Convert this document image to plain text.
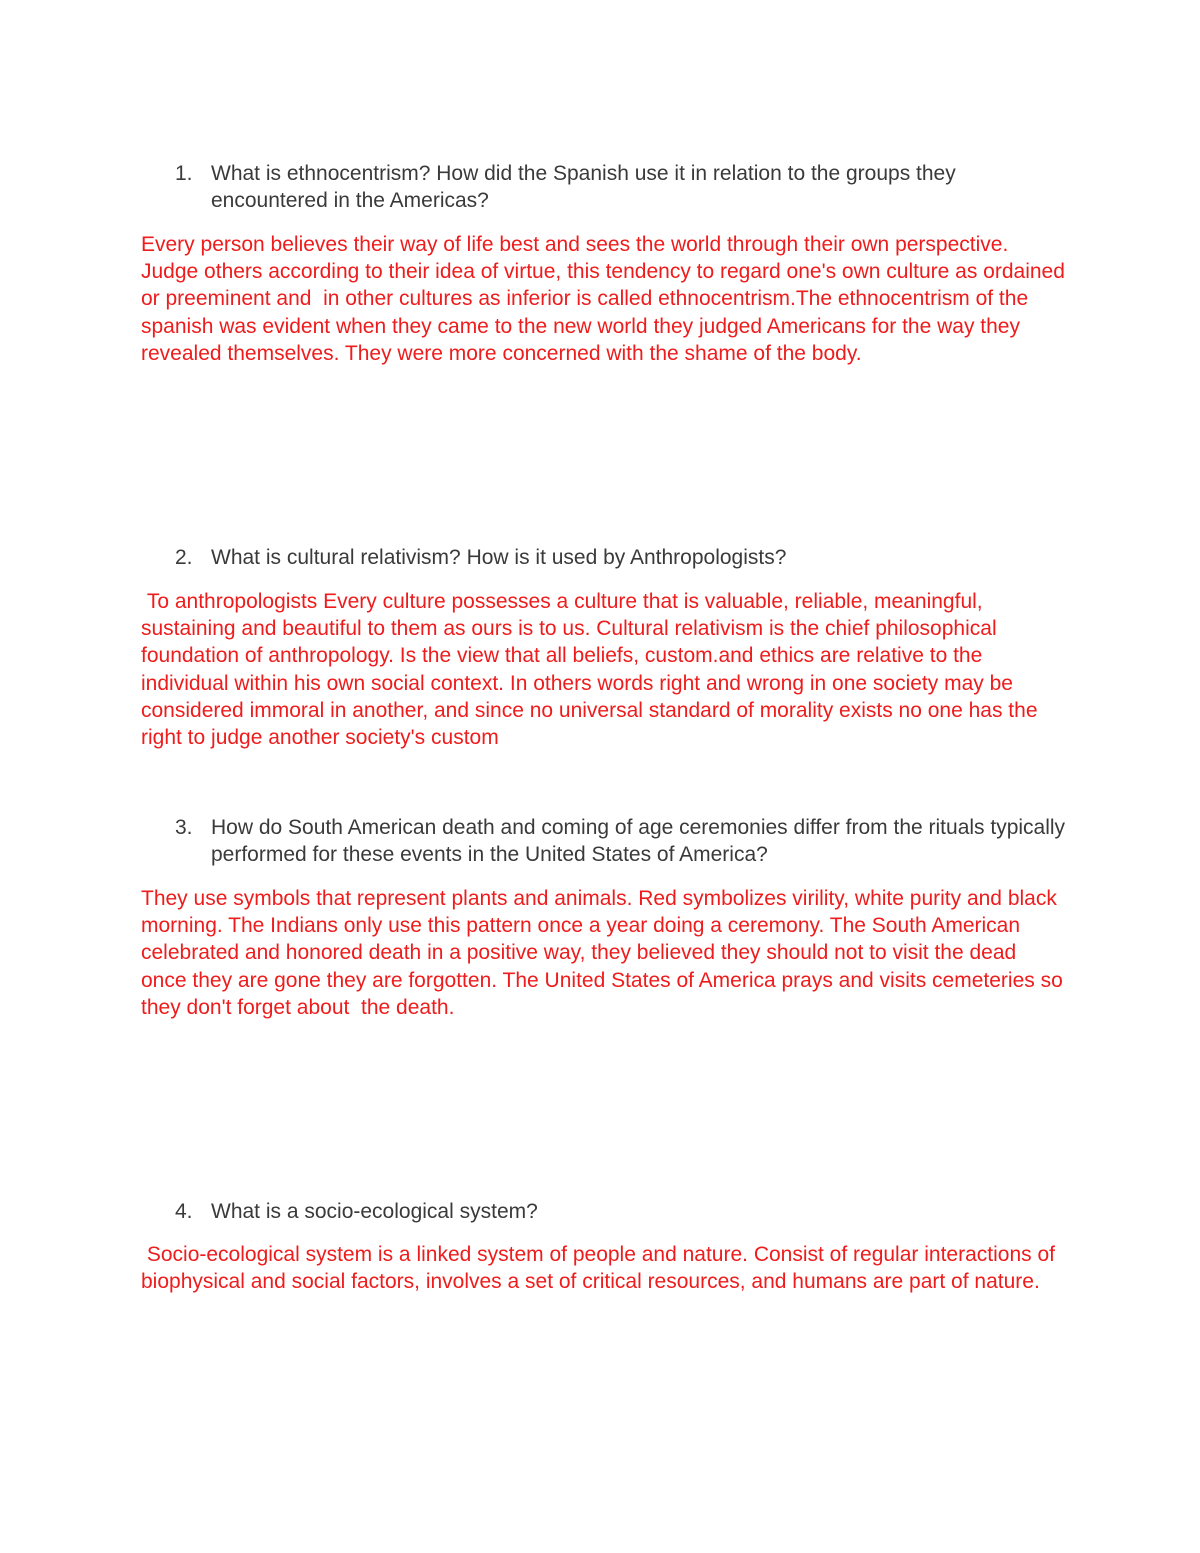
1. What is ethnocentrism? How did the Spanish use it in relation to the groups they encountered in the Americas?
Every person believes their way of life best and sees the world through their own perspective. Judge others according to their idea of virtue, this tendency to regard one's own culture as ordained or preeminent and  in other cultures as inferior is called ethnocentrism.The ethnocentrism of the spanish was evident when they came to the new world they judged Americans for the way they revealed themselves. They were more concerned with the shame of the body.
2. What is cultural relativism? How is it used by Anthropologists?
To anthropologists Every culture possesses a culture that is valuable, reliable, meaningful, sustaining and beautiful to them as ours is to us. Cultural relativism is the chief philosophical foundation of anthropology. Is the view that all beliefs, custom.and ethics are relative to the individual within his own social context. In others words right and wrong in one society may be considered immoral in another, and since no universal standard of morality exists no one has the right to judge another society's custom
3. How do South American death and coming of age ceremonies differ from the rituals typically performed for these events in the United States of America?
They use symbols that represent plants and animals. Red symbolizes virility, white purity and black morning. The Indians only use this pattern once a year doing a ceremony. The South American celebrated and honored death in a positive way, they believed they should not to visit the dead once they are gone they are forgotten. The United States of America prays and visits cemeteries so they don't forget about  the death.
4. What is a socio-ecological system?
Socio-ecological system is a linked system of people and nature. Consist of regular interactions of biophysical and social factors, involves a set of critical resources, and humans are part of nature.
